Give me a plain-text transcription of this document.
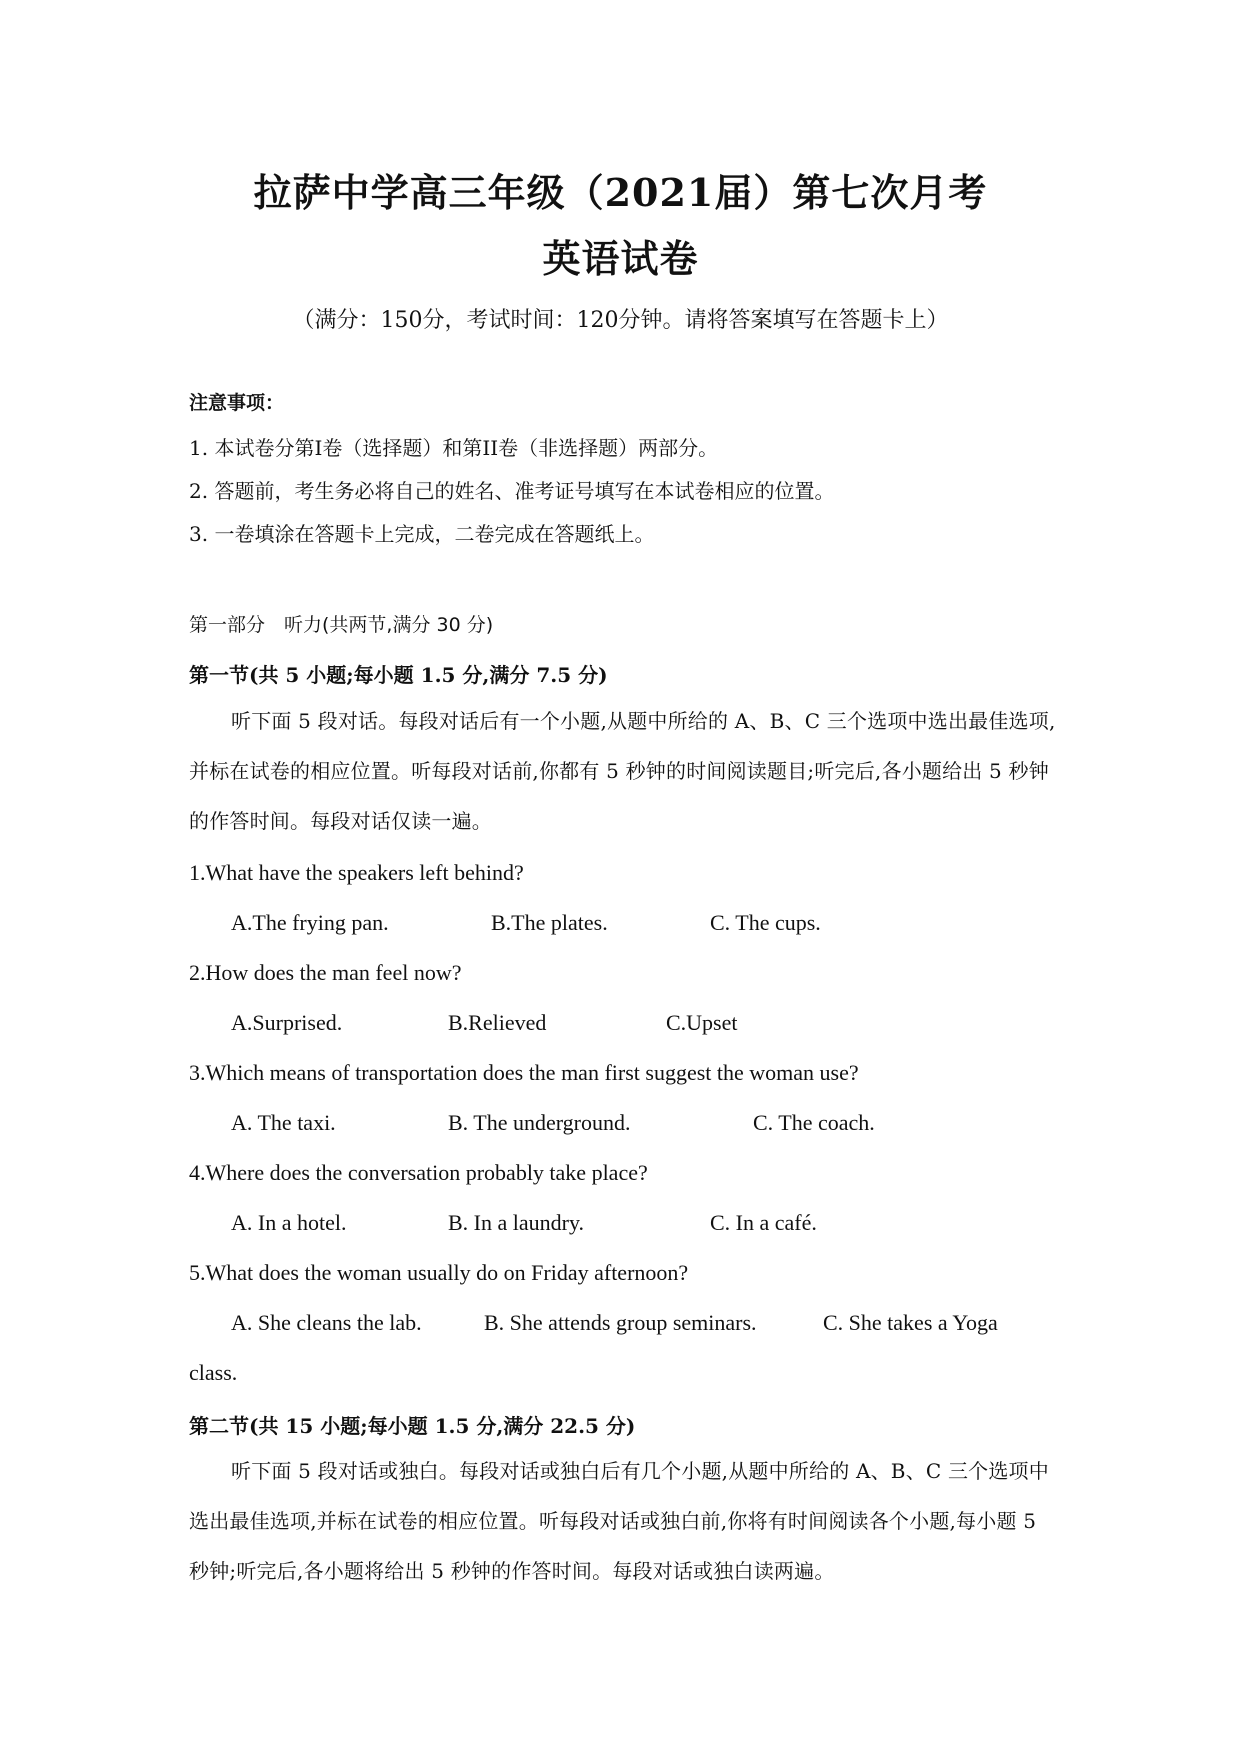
拉萨中学高三年级（2021届）第七次月考
英语试卷
（满分：150分，考试时间：120分钟。请将答案填写在答题卡上）
注意事项：
1. 本试卷分第I卷（选择题）和第II卷（非选择题）两部分。
2. 答题前，考生务必将自己的姓名、准考证号填写在本试卷相应的位置。
3. 一卷填涂在答题卡上完成，二卷完成在答题纸上。
第一部分　听力(共两节,满分 30 分)
第一节(共 5 小题;每小题 1.5 分,满分 7.5 分)
听下面 5 段对话。每段对话后有一个小题,从题中所给的 A、B、C 三个选项中选出最佳选项,并标在试卷的相应位置。听每段对话前,你都有 5 秒钟的时间阅读题目;听完后,各小题给出 5 秒钟的作答时间。每段对话仅读一遍。
1.What have the speakers left behind?
A.The frying pan.	B.The plates.	C. The cups.
2.How does the man feel now?
A.Surprised.	B.Relieved	C.Upset
3.Which means of transportation does the man first suggest the woman use?
A. The taxi.	B. The underground.	C. The coach.
4.Where does the conversation probably take place?
A. In a hotel.	B. In a laundry.	C. In a café.
5.What does the woman usually do on Friday afternoon?
A. She cleans the lab.	B. She attends group seminars.	C. She takes a Yoga
class.
第二节(共 15 小题;每小题 1.5 分,满分 22.5 分)
听下面 5 段对话或独白。每段对话或独白后有几个小题,从题中所给的 A、B、C 三个选项中选出最佳选项,并标在试卷的相应位置。听每段对话或独白前,你将有时间阅读各个小题,每小题 5 秒钟;听完后,各小题将给出 5 秒钟的作答时间。每段对话或独白读两遍。
